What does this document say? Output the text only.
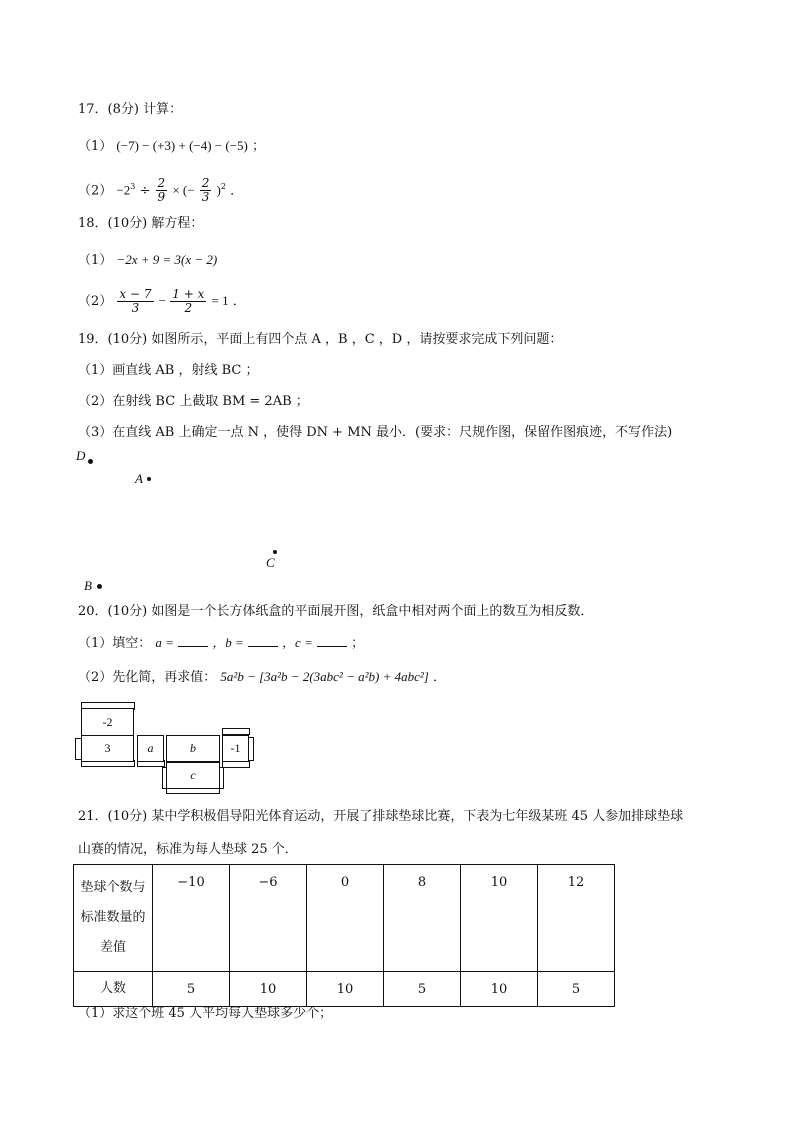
17．(8分) 计算：
（1） (−7) − (+3) + (−4) − (−5) ；
$(2) -2^3 \div \frac{2}{9}$ × (− $\frac{2}{3} )^2$ ．
18．(10分) 解方程：
（1） −2x + 9 = 3(x − 2)
$(2) \frac{x - 7}{3} - \frac{1 + x}{2} = 1$ ．
19．(10分) 如图所示，平面上有四个点 A ，B ，C ，D ，请按要求完成下列问题：
（1）画直线 AB ，射线 BC ；
（2）在射线 BC 上截取 BM = 2AB ；
（3）在直线 AB 上确定一点 N ，使得 DN + MN 最小．(要求：尺规作图，保留作图痕迹，不写作法)
D
A
C
B
20．(10分) 如图是一个长方体纸盒的平面展开图，纸盒中相对两个面上的数互为相反数．
（1）填空： a =	，b =	，c =	；
（2）先化简，再求值： 5a²b − [3a²b − 2(3abc² − a²b) + 4abc²] ．
-2
3	a	b	-1
c
21．(10分) 某中学积极倡导阳光体育运动，开展了排球垫球比赛，下表为七年级某班 45 人参加排球垫球
山赛的情况，标准为每人垫球 25 个．
垫球个数与
标准数量的
差值	−10	−6	0	8	10	12
人数	5	10	10	5	10	5
（1）求这个班 45 人平均每人垫球多少个；
